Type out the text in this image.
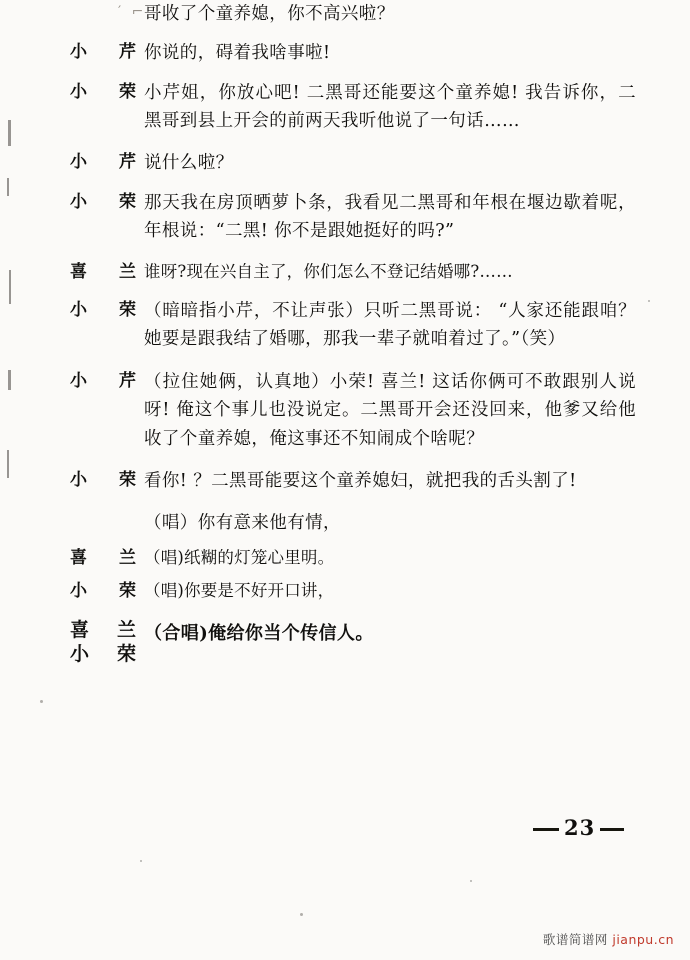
′ ⌐

哥收了个童养媳，你不高兴啦？
小 芹 你说的，碍着我啥事啦!
小 荣 小芹姐，你放心吧! 二黑哥还能要这个童养媳! 我告诉你，二黑哥到县上开会的前两天我听他说了一句话……
小 芹 说什么啦？
小 荣 那天我在房顶晒萝卜条，我看见二黑哥和年根在堰边歇着呢，年根说：“二黑! 你不是跟她挺好的吗?”
喜 兰 谁呀?现在兴自主了，你们怎么不登记结婚哪?……
小 荣 （暗暗指小芹，不让声张）只听二黑哥说： “人家还能跟咱？她要是跟我结了婚哪，那我一辈子就咱着过了。”（笑）
小 芹 （拉住她俩，认真地）小荣! 喜兰! 这话你俩可不敢跟别人说呀! 俺这个事儿也没说定。二黑哥开会还没回来，他爹又给他收了个童养媳，俺这事还不知闹成个啥呢？
小 荣 看你! ？二黑哥能要这个童养媳妇，就把我的舌头割了!
（唱）你有意来他有情，
喜 兰 （唱)纸糊的灯笼心里明。
小 荣 （唱)你要是不好开口讲，
喜 兰
小 荣
（合唱)俺给你当个传信人。
23
歌谱简谱网 jianpu.cn
